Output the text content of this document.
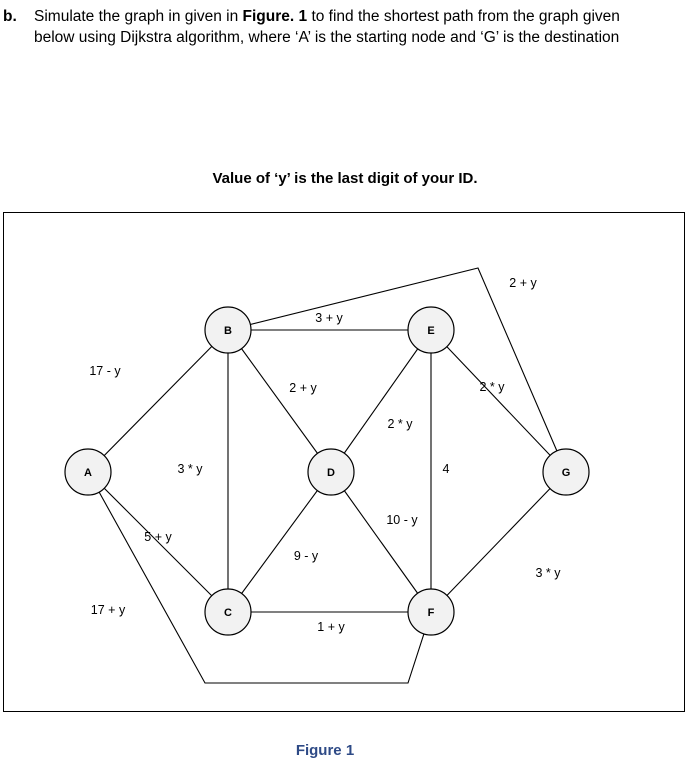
b. Simulate the graph in given in Figure. 1 to find the shortest path from the graph given
below using Dijkstra algorithm, where ‘A’ is the starting node and ‘G’ is the destination
Value of ‘y’ is the last digit of your ID.
17 - y
5 + y
17 + y
3 * y
3 + y
2 + y
2 + y
9 - y
1 + y
2 * y
10 - y
4
2 * y
3 * y
A
B
C
D
E
F
G
Figure 1
